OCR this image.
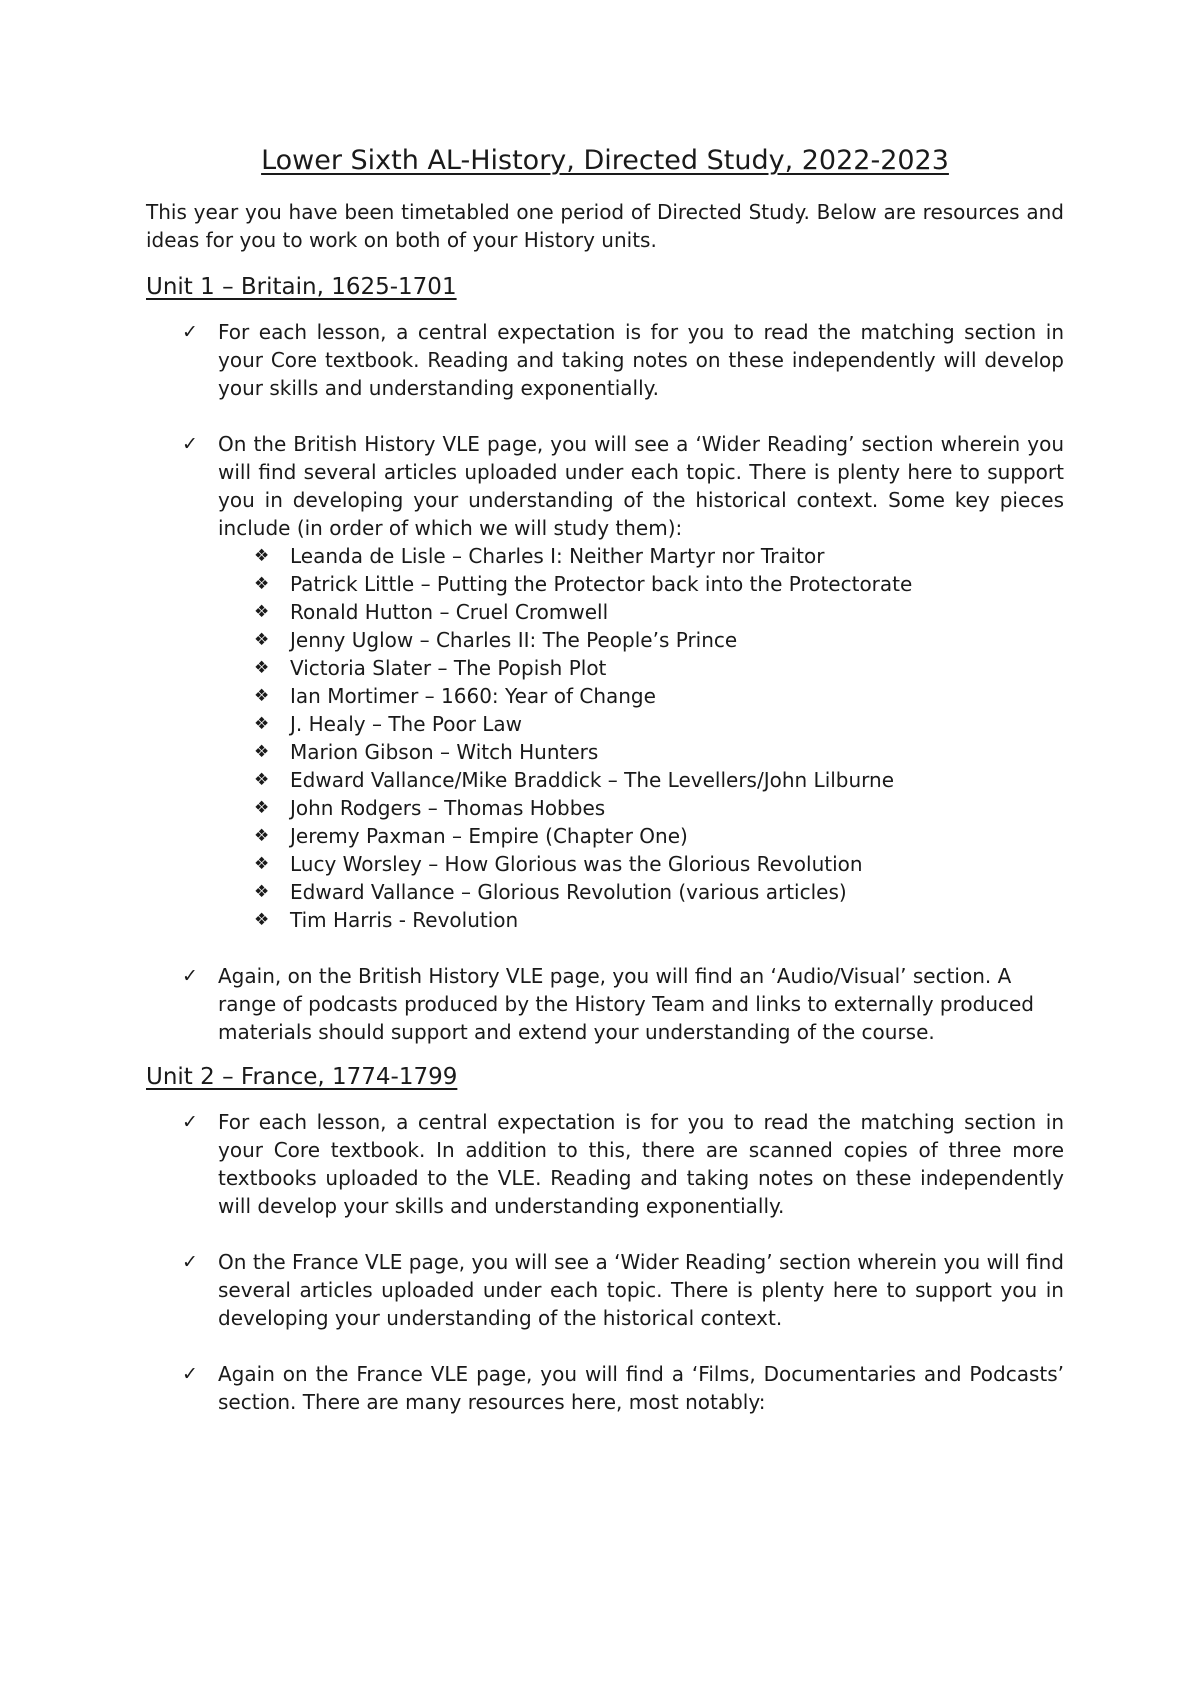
Lower Sixth AL-History, Directed Study, 2022-2023

This year you have been timetabled one period of Directed Study. Below are resources and ideas for you to work on both of your History units.

Unit 1 – Britain, 1625-1701
✓ For each lesson, a central expectation is for you to read the matching section in your Core textbook. Reading and taking notes on these independently will develop your skills and understanding exponentially.
✓ On the British History VLE page, you will see a ‘Wider Reading’ section wherein you will find several articles uploaded under each topic. There is plenty here to support you in developing your understanding of the historical context. Some key pieces include (in order of which we will study them):
❖ Leanda de Lisle – Charles I: Neither Martyr nor Traitor
❖ Patrick Little – Putting the Protector back into the Protectorate
❖ Ronald Hutton – Cruel Cromwell
❖ Jenny Uglow – Charles II: The People’s Prince
❖ Victoria Slater – The Popish Plot
❖ Ian Mortimer – 1660: Year of Change
❖ J. Healy – The Poor Law
❖ Marion Gibson – Witch Hunters
❖ Edward Vallance/Mike Braddick – The Levellers/John Lilburne
❖ John Rodgers – Thomas Hobbes
❖ Jeremy Paxman – Empire (Chapter One)
❖ Lucy Worsley – How Glorious was the Glorious Revolution
❖ Edward Vallance – Glorious Revolution (various articles)
❖ Tim Harris - Revolution
✓ Again, on the British History VLE page, you will find an ‘Audio/Visual’ section. A range of podcasts produced by the History Team and links to externally produced materials should support and extend your understanding of the course.
Unit 2 – France, 1774-1799
✓ For each lesson, a central expectation is for you to read the matching section in your Core textbook. In addition to this, there are scanned copies of three more textbooks uploaded to the VLE. Reading and taking notes on these independently will develop your skills and understanding exponentially.
✓ On the France VLE page, you will see a ‘Wider Reading’ section wherein you will find several articles uploaded under each topic. There is plenty here to support you in developing your understanding of the historical context.
✓ Again on the France VLE page, you will find a ‘Films, Documentaries and Podcasts’ section. There are many resources here, most notably:
